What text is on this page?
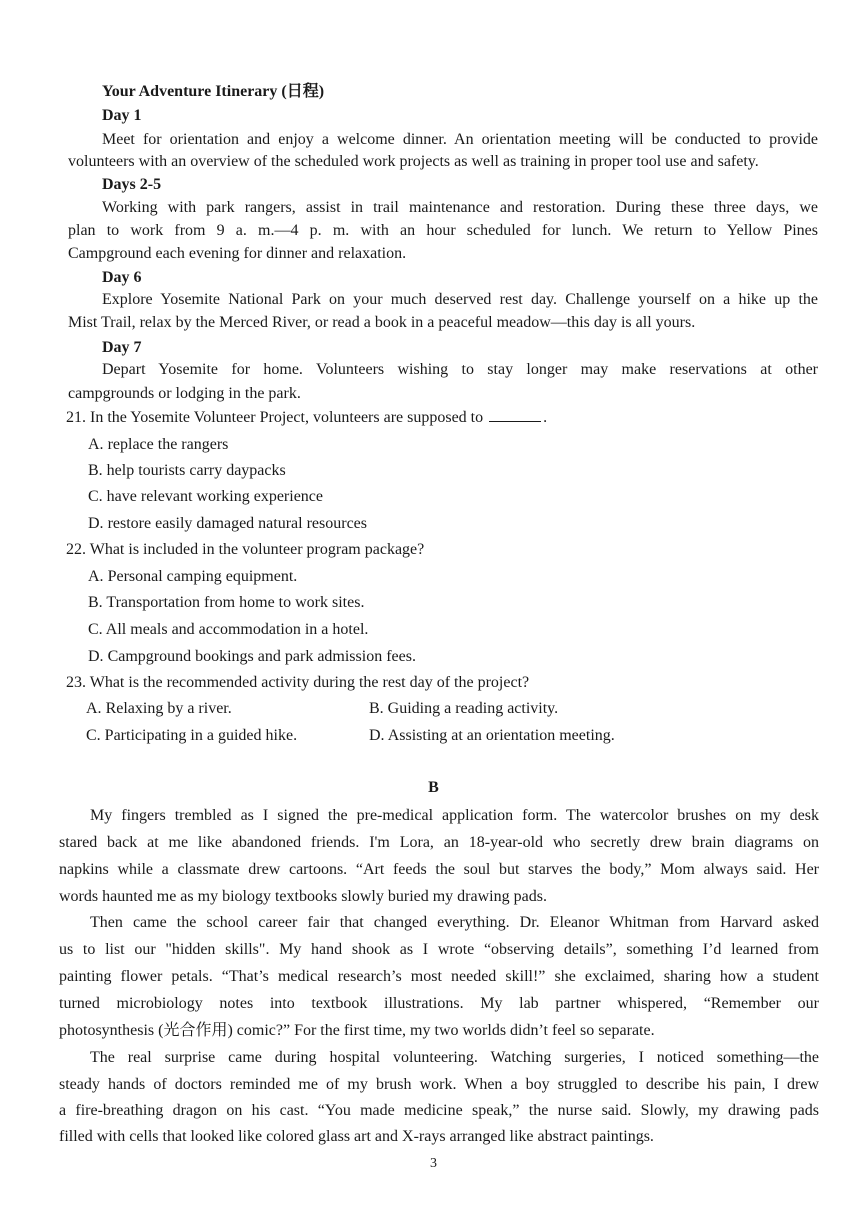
Your Adventure Itinerary (日程)
Day 1
Meet for orientation and enjoy a welcome dinner. An orientation meeting will be conducted to provide
volunteers with an overview of the scheduled work projects as well as training in proper tool use and safety.
Days 2-5
Working with park rangers, assist in trail maintenance and restoration. During these three days, we
plan to work from 9 a. m.—4 p. m. with an hour scheduled for lunch. We return to Yellow Pines
Campground each evening for dinner and relaxation.
Day 6
Explore Yosemite National Park on your much deserved rest day. Challenge yourself on a hike up the
Mist Trail, relax by the Merced River, or read a book in a peaceful meadow—this day is all yours.
Day 7
Depart Yosemite for home. Volunteers wishing to stay longer may make reservations at other
campgrounds or lodging in the park.
21. In the Yosemite Volunteer Project, volunteers are supposed to	.
A. replace the rangers
B. help tourists carry daypacks
C. have relevant working experience
D. restore easily damaged natural resources
22. What is included in the volunteer program package?
A. Personal camping equipment.
B. Transportation from home to work sites.
C. All meals and accommodation in a hotel.
D. Campground bookings and park admission fees.
23. What is the recommended activity during the rest day of the project?
A. Relaxing by a river.	B. Guiding a reading activity.
C. Participating in a guided hike.	D. Assisting at an orientation meeting.
B
My fingers trembled as I signed the pre-medical application form. The watercolor brushes on my desk
stared back at me like abandoned friends. I'm Lora, an 18-year-old who secretly drew brain diagrams on
napkins while a classmate drew cartoons. “Art feeds the soul but starves the body,” Mom always said. Her
words haunted me as my biology textbooks slowly buried my drawing pads.
Then came the school career fair that changed everything. Dr. Eleanor Whitman from Harvard asked
us to list our "hidden skills". My hand shook as I wrote “observing details”, something I’d learned from
painting flower petals. “That’s medical research’s most needed skill!” she exclaimed, sharing how a student
turned microbiology notes into textbook illustrations. My lab partner whispered, “Remember our
photosynthesis (光合作用) comic?” For the first time, my two worlds didn’t feel so separate.
The real surprise came during hospital volunteering. Watching surgeries, I noticed something—the
steady hands of doctors reminded me of my brush work. When a boy struggled to describe his pain, I drew
a fire-breathing dragon on his cast. “You made medicine speak,” the nurse said. Slowly, my drawing pads
filled with cells that looked like colored glass art and X-rays arranged like abstract paintings.
3
